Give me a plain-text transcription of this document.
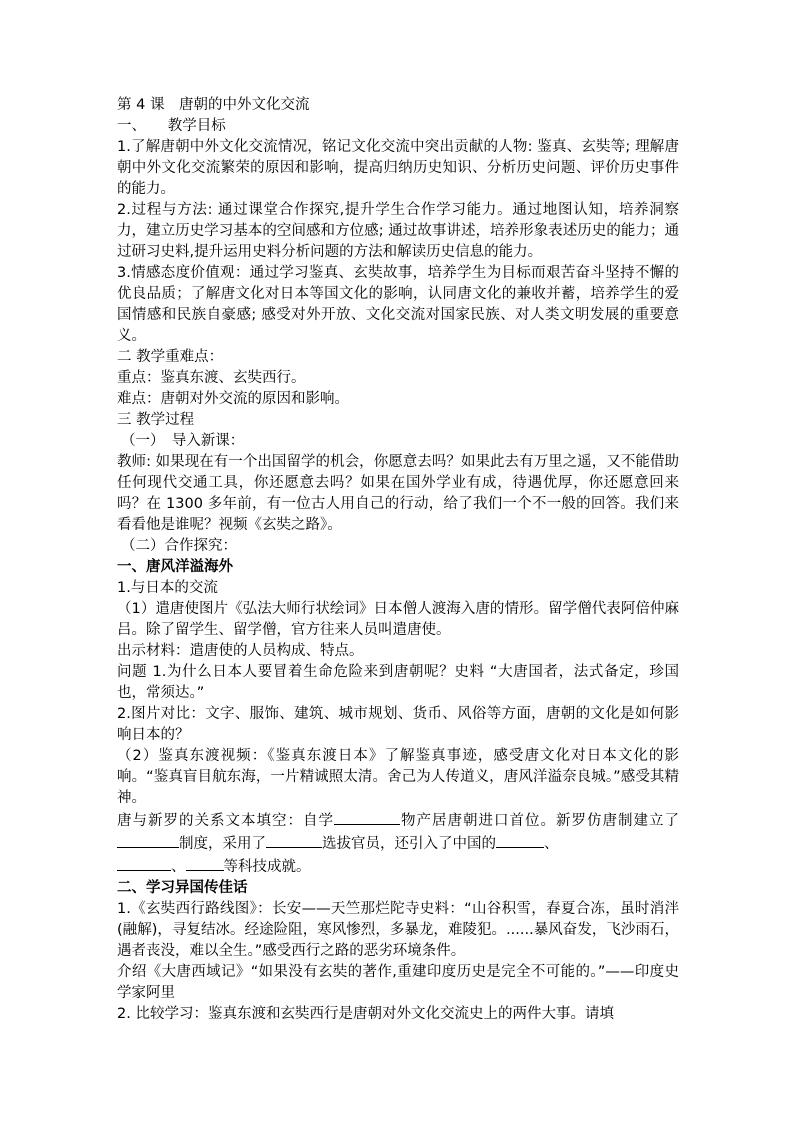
第 4 课　唐朝的中外文化交流

一、　　教学目标

1.了解唐朝中外文化交流情况，铭记文化交流中突出贡献的人物: 鉴真、玄奘等; 理解唐朝中外文化交流繁荣的原因和影响，提高归纳历史知识、分析历史问题、评价历史事件的能力。

2.过程与方法: 通过课堂合作探究,提升学生合作学习能力。通过地图认知，培养洞察力，建立历史学习基本的空间感和方位感; 通过故事讲述，培养形象表述历史的能力；通过研习史料,提升运用史料分析问题的方法和解读历史信息的能力。

3.情感态度价值观：通过学习鉴真、玄奘故事，培养学生为目标而艰苦奋斗坚持不懈的优良品质；了解唐文化对日本等国文化的影响，认同唐文化的兼收并蓄，培养学生的爱国情感和民族自豪感; 感受对外开放、文化交流对国家民族、对人类文明发展的重要意义。

二 教学重难点：

重点：鉴真东渡、玄奘西行。

难点：唐朝对外交流的原因和影响。

三 教学过程

（一）　导入新课：

教师: 如果现在有一个出国留学的机会，你愿意去吗？如果此去有万里之遥，又不能借助任何现代交通工具，你还愿意去吗？如果在国外学业有成，待遇优厚，你还愿意回来吗？在 1300 多年前，有一位古人用自己的行动，给了我们一个不一般的回答。我们来看看他是谁呢？视频《玄奘之路》。

（二）合作探究：

一、唐风洋溢海外

1.与日本的交流

（1）遣唐使图片《弘法大师行状绘词》日本僧人渡海入唐的情形。留学僧代表阿倍仲麻吕。除了留学生、留学僧，官方往来人员叫遣唐使。

出示材料：遣唐使的人员构成、特点。

问题 1.为什么日本人要冒着生命危险来到唐朝呢？史料 “大唐国者，法式备定，珍国也，常须达。”

2.图片对比：文字、服饰、建筑、城市规划、货币、风俗等方面，唐朝的文化是如何影响日本的？

（2）鉴真东渡视频：《鉴真东渡日本》了解鉴真事迹，感受唐文化对日本文化的影响。“鉴真盲目航东海，一片精诚照太清。舍己为人传道义，唐风洋溢奈良城。”感受其精神。

唐与新罗的关系文本填空：自学	物产居唐朝进口首位。新罗仿唐制建立了制度，采用了	选拔官员，还引入了中国的	、
、	等科技成就。

二、学习异国传佳话

1.《玄奘西行路线图》：长安——天竺那烂陀寺史料：“山谷积雪，春夏合冻，虽时消泮(融解)，寻复结冰。经途险阻，寒风惨烈，多暴龙，难陵犯。......暴风奋发，飞沙雨石，遇者丧没，难以全生。”感受西行之路的恶劣环境条件。

介绍《大唐西域记》“如果没有玄奘的著作,重建印度历史是完全不可能的。”——印度史学家阿里

2. 比较学习：鉴真东渡和玄奘西行是唐朝对外文化交流史上的两件大事。请填
